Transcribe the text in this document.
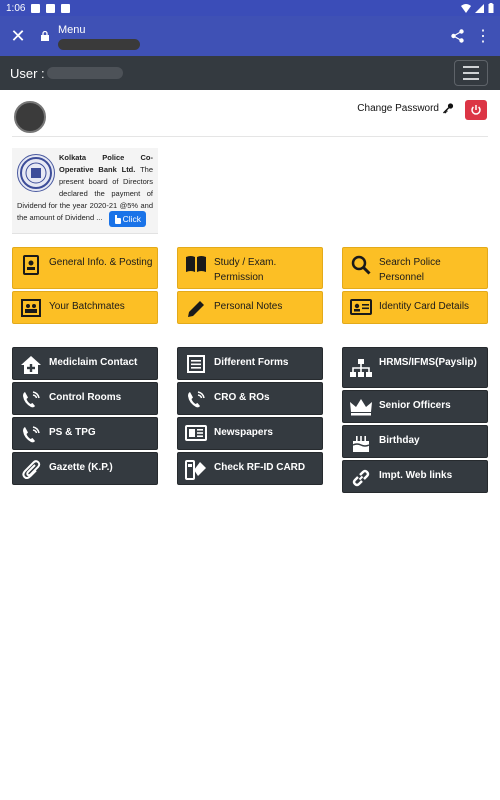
1:06
✕	Menu	⋮
User :
Change Password
Kolkata Police Co-Operative Bank Ltd. The present board of Directors declared the payment of Dividend for the year 2020-21 @5% and the amount of Dividend ... Click
General Info. & Posting	Study / Exam. Permission
Search Police Personnel
Your Batchmates	Personal Notes	Identity Card Details
Mediclaim Contact
Control Rooms
PS & TPG
Gazette (K.P.)
Different Forms
CRO & ROs
Newspapers
Check RF-ID CARD
HRMS/IFMS(Payslip)
Senior Officers
Birthday
Impt. Web links
